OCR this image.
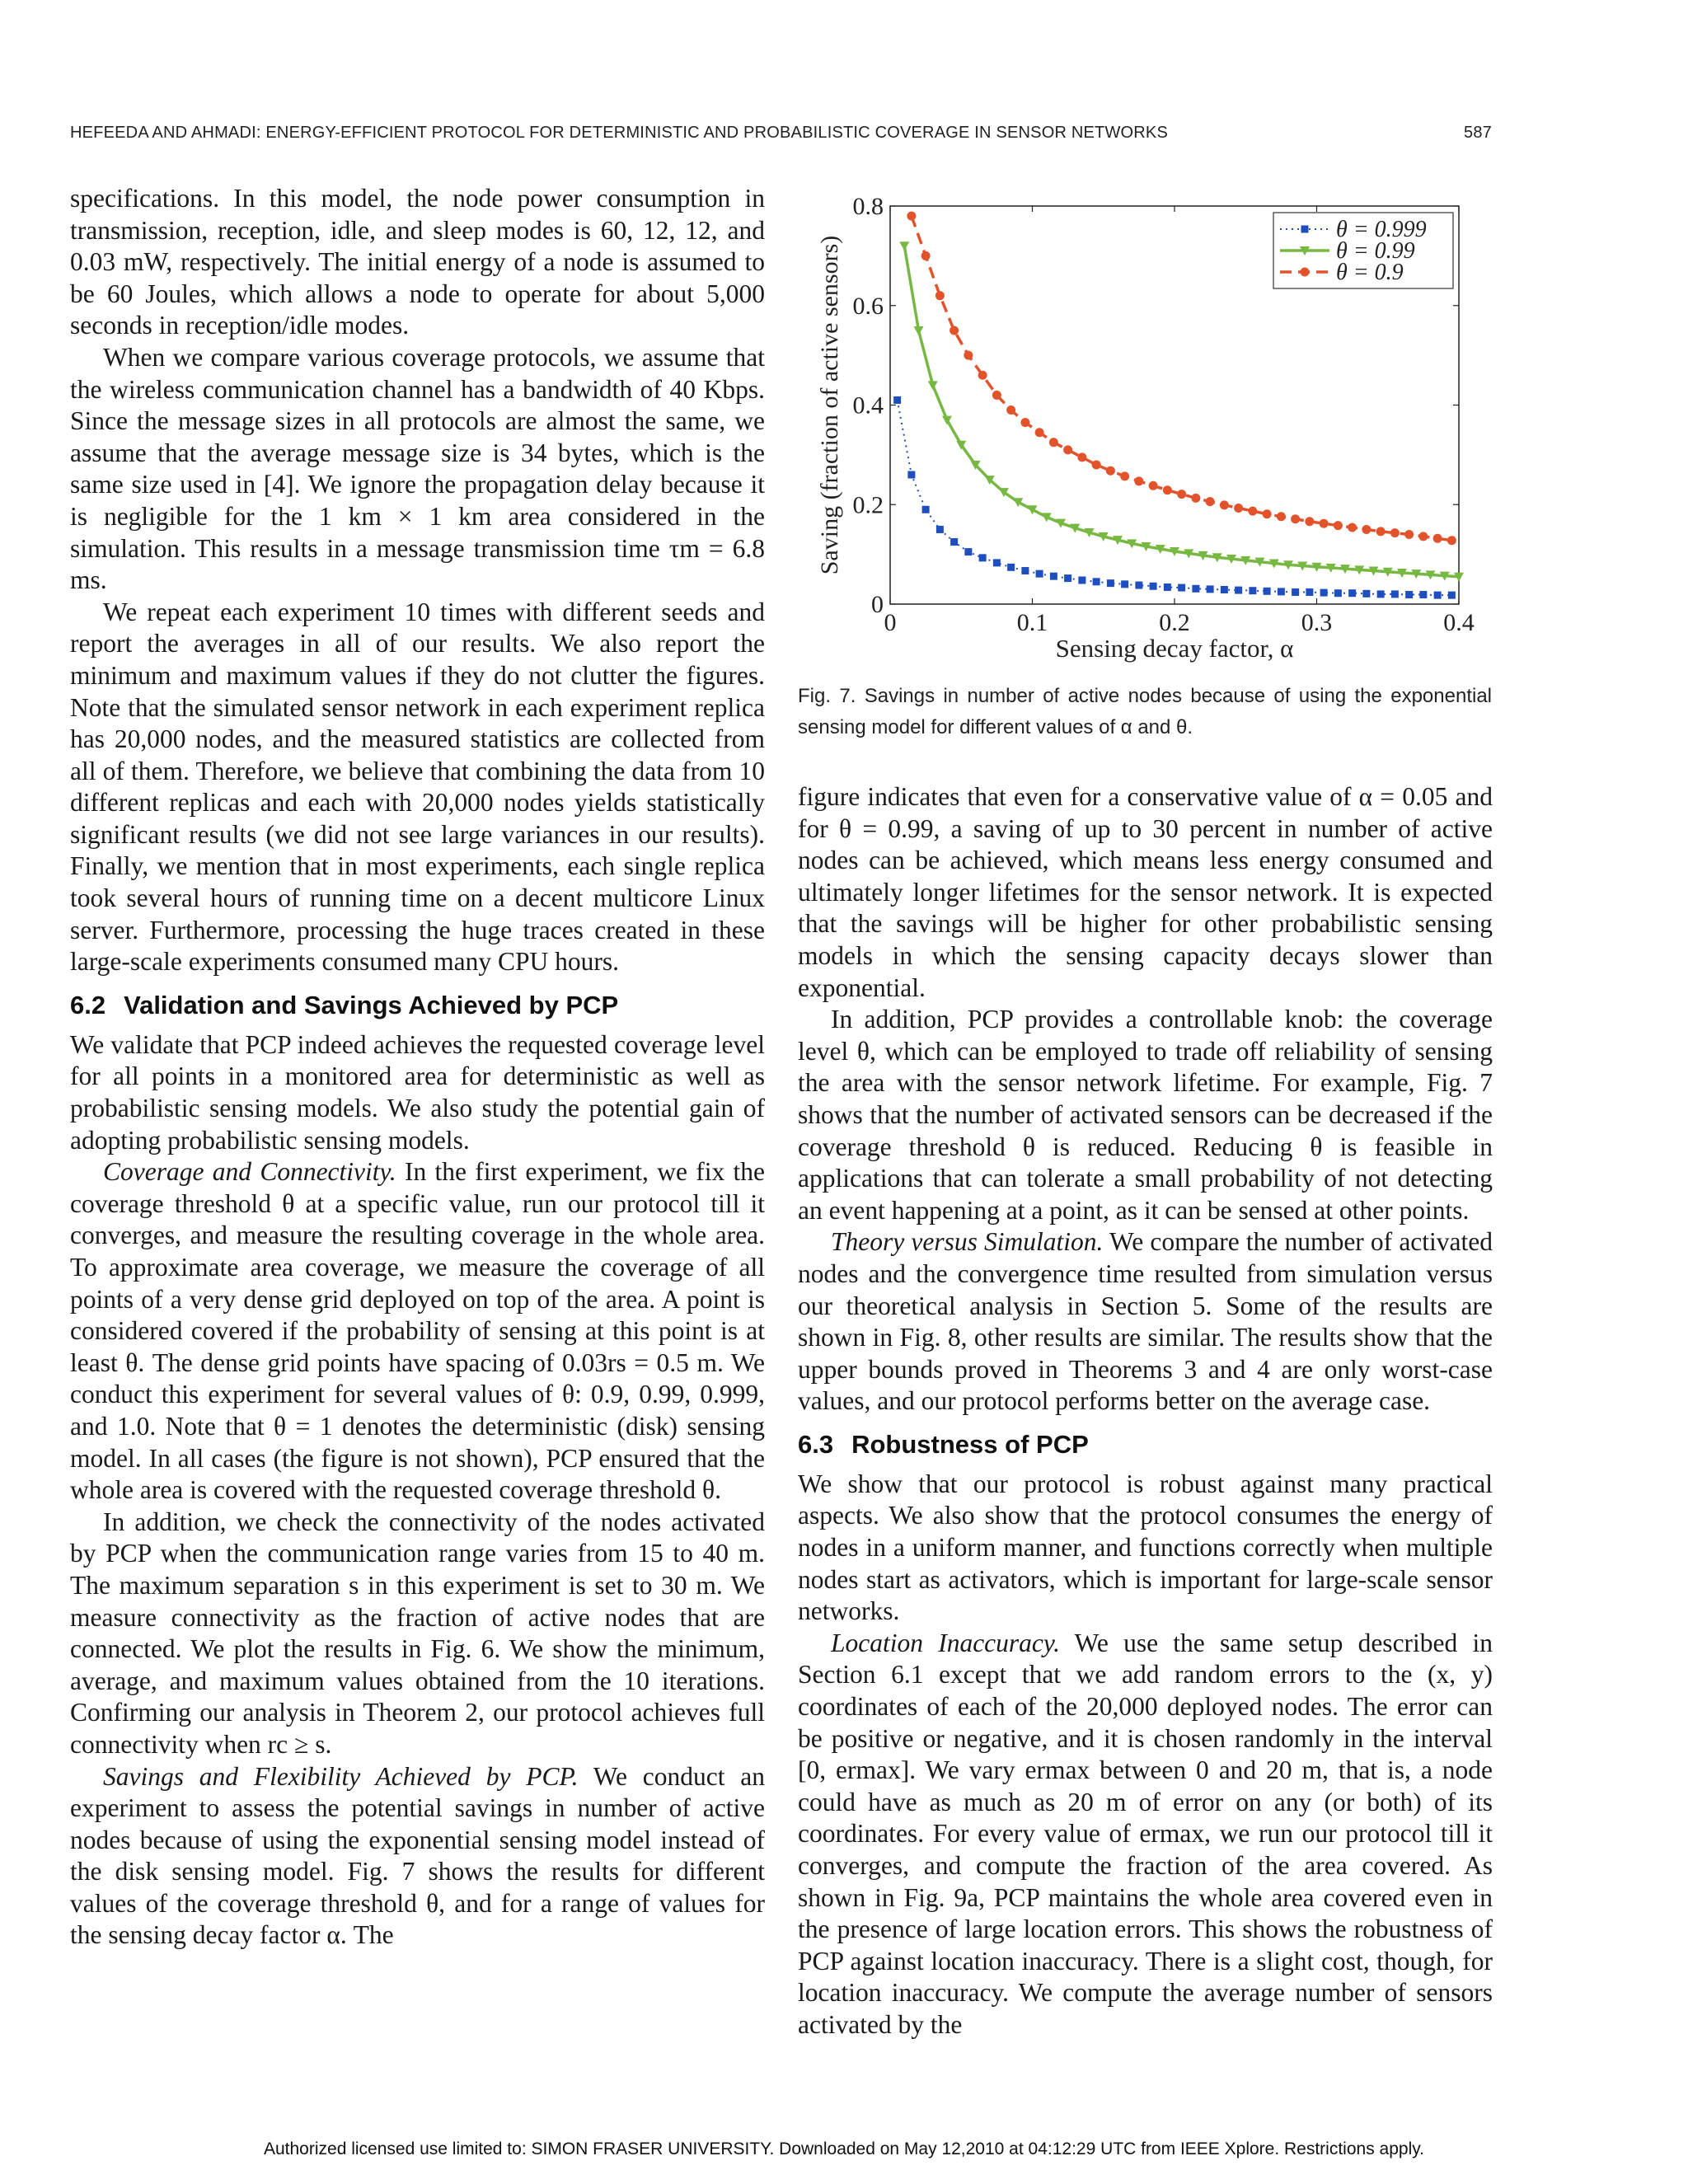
HEFEEDA AND AHMADI: ENERGY-EFFICIENT PROTOCOL FOR DETERMINISTIC AND PROBABILISTIC COVERAGE IN SENSOR NETWORKS	587

specifications. In this model, the node power consumption in transmission, reception, idle, and sleep modes is 60, 12, 12, and 0.03 mW, respectively. The initial energy of a node is assumed to be 60 Joules, which allows a node to operate for about 5,000 seconds in reception/idle modes.

When we compare various coverage protocols, we assume that the wireless communication channel has a bandwidth of 40 Kbps. Since the message sizes in all protocols are almost the same, we assume that the average message size is 34 bytes, which is the same size used in [4]. We ignore the propagation delay because it is negligible for the 1 km × 1 km area considered in the simulation. This results in a message transmission time τm = 6.8 ms.

We repeat each experiment 10 times with different seeds and report the averages in all of our results. We also report the minimum and maximum values if they do not clutter the figures. Note that the simulated sensor network in each experiment replica has 20,000 nodes, and the measured statistics are collected from all of them. Therefore, we believe that combining the data from 10 different replicas and each with 20,000 nodes yields statistically significant results (we did not see large variances in our results). Finally, we mention that in most experiments, each single replica took several hours of running time on a decent multicore Linux server. Furthermore, processing the huge traces created in these large-scale experiments consumed many CPU hours.

6.2 Validation and Savings Achieved by PCP

We validate that PCP indeed achieves the requested coverage level for all points in a monitored area for deterministic as well as probabilistic sensing models. We also study the potential gain of adopting probabilistic sensing models.

Coverage and Connectivity. In the first experiment, we fix the coverage threshold θ at a specific value, run our protocol till it converges, and measure the resulting coverage in the whole area. To approximate area coverage, we measure the coverage of all points of a very dense grid deployed on top of the area. A point is considered covered if the probability of sensing at this point is at least θ. The dense grid points have spacing of 0.03rs = 0.5 m. We conduct this experiment for several values of θ: 0.9, 0.99, 0.999, and 1.0. Note that θ = 1 denotes the deterministic (disk) sensing model. In all cases (the figure is not shown), PCP ensured that the whole area is covered with the requested coverage threshold θ.

In addition, we check the connectivity of the nodes activated by PCP when the communication range varies from 15 to 40 m. The maximum separation s in this experiment is set to 30 m. We measure connectivity as the fraction of active nodes that are connected. We plot the results in Fig. 6. We show the minimum, average, and maximum values obtained from the 10 iterations. Confirming our analysis in Theorem 2, our protocol achieves full connectivity when rc ≥ s.

Savings and Flexibility Achieved by PCP. We conduct an experiment to assess the potential savings in number of active nodes because of using the exponential sensing model instead of the disk sensing model. Fig. 7 shows the results for different values of the coverage threshold θ, and for a range of values for the sensing decay factor α. The

0	0.1	0.2	0.3	0.4
0
0.2
0.4
0.6
0.8
Sensing decay factor, α
Saving (fraction of active sensors)
θ = 0.999
θ = 0.99
θ = 0.9
Fig. 7. Savings in number of active nodes because of using the exponential sensing model for different values of α and θ.

figure indicates that even for a conservative value of α = 0.05 and for θ = 0.99, a saving of up to 30 percent in number of active nodes can be achieved, which means less energy consumed and ultimately longer lifetimes for the sensor network. It is expected that the savings will be higher for other probabilistic sensing models in which the sensing capacity decays slower than exponential.

In addition, PCP provides a controllable knob: the coverage level θ, which can be employed to trade off reliability of sensing the area with the sensor network lifetime. For example, Fig. 7 shows that the number of activated sensors can be decreased if the coverage threshold θ is reduced. Reducing θ is feasible in applications that can tolerate a small probability of not detecting an event happening at a point, as it can be sensed at other points.

Theory versus Simulation. We compare the number of activated nodes and the convergence time resulted from simulation versus our theoretical analysis in Section 5. Some of the results are shown in Fig. 8, other results are similar. The results show that the upper bounds proved in Theorems 3 and 4 are only worst-case values, and our protocol performs better on the average case.

6.3 Robustness of PCP

We show that our protocol is robust against many practical aspects. We also show that the protocol consumes the energy of nodes in a uniform manner, and functions correctly when multiple nodes start as activators, which is important for large-scale sensor networks.

Location Inaccuracy. We use the same setup described in Section 6.1 except that we add random errors to the (x, y) coordinates of each of the 20,000 deployed nodes. The error can be positive or negative, and it is chosen randomly in the interval [0, ermax]. We vary ermax between 0 and 20 m, that is, a node could have as much as 20 m of error on any (or both) of its coordinates. For every value of ermax, we run our protocol till it converges, and compute the fraction of the area covered. As shown in Fig. 9a, PCP maintains the whole area covered even in the presence of large location errors. This shows the robustness of PCP against location inaccuracy. There is a slight cost, though, for location inaccuracy. We compute the average number of sensors activated by the

Authorized licensed use limited to: SIMON FRASER UNIVERSITY. Downloaded on May 12,2010 at 04:12:29 UTC from IEEE Xplore. Restrictions apply.
